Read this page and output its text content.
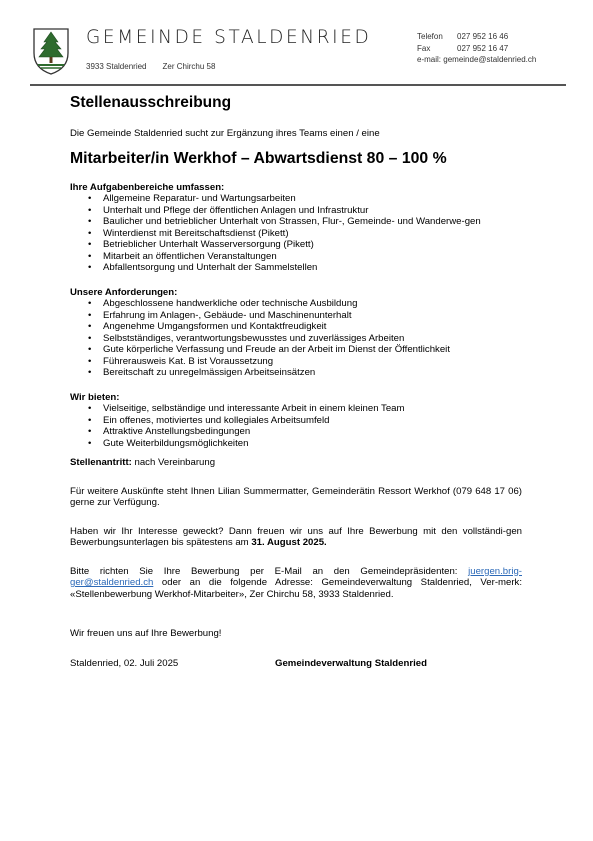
GEMEINDE STALDENRIED
3933 Staldenried Zer Chirchu 58
Telefon 027 952 16 46
Fax	027 952 16 47
e-mail: gemeinde@staldenried.ch
Stellenausschreibung
Die Gemeinde Staldenried sucht zur Ergänzung ihres Teams einen / eine
Mitarbeiter/in Werkhof – Abwartsdienst 80 – 100 %
Ihre Aufgabenbereiche umfassen:
• Allgemeine Reparatur- und Wartungsarbeiten
• Unterhalt und Pflege der öffentlichen Anlagen und Infrastruktur
• Baulicher und betrieblicher Unterhalt von Strassen, Flur-, Gemeinde- und Wanderwe-gen
• Winterdienst mit Bereitschaftsdienst (Pikett)
• Betrieblicher Unterhalt Wasserversorgung (Pikett)
• Mitarbeit an öffentlichen Veranstaltungen
• Abfallentsorgung und Unterhalt der Sammelstellen
Unsere Anforderungen:
• Abgeschlossene handwerkliche oder technische Ausbildung
• Erfahrung im Anlagen-, Gebäude- und Maschinenunterhalt
• Angenehme Umgangsformen und Kontaktfreudigkeit
• Selbstständiges, verantwortungsbewusstes und zuverlässiges Arbeiten
• Gute körperliche Verfassung und Freude an der Arbeit im Dienst der Öffentlichkeit
• Führerausweis Kat. B ist Voraussetzung
• Bereitschaft zu unregelmässigen Arbeitseinsätzen
Wir bieten:
• Vielseitige, selbständige und interessante Arbeit in einem kleinen Team
• Ein offenes, motiviertes und kollegiales Arbeitsumfeld
• Attraktive Anstellungsbedingungen
• Gute Weiterbildungsmöglichkeiten

Stellenantritt: nach Vereinbarung

Für weitere Auskünfte steht Ihnen Lilian Summermatter, Gemeinderätin Ressort Werkhof (079 648 17 06) gerne zur Verfügung.

Haben wir Ihr Interesse geweckt? Dann freuen wir uns auf Ihre Bewerbung mit den vollständi-gen Bewerbungsunterlagen bis spätestens am 31. August 2025.

Bitte richten Sie Ihre Bewerbung per E-Mail an den Gemeindepräsidenten: juergen.brig-ger@staldenried.ch oder an die folgende Adresse: Gemeindeverwaltung Staldenried, Ver-merk: «Stellenbewerbung Werkhof-Mitarbeiter», Zer Chirchu 58, 3933 Staldenried.

Wir freuen uns auf Ihre Bewerbung!

Staldenried, 02. Juli 2025	Gemeindeverwaltung Staldenried
